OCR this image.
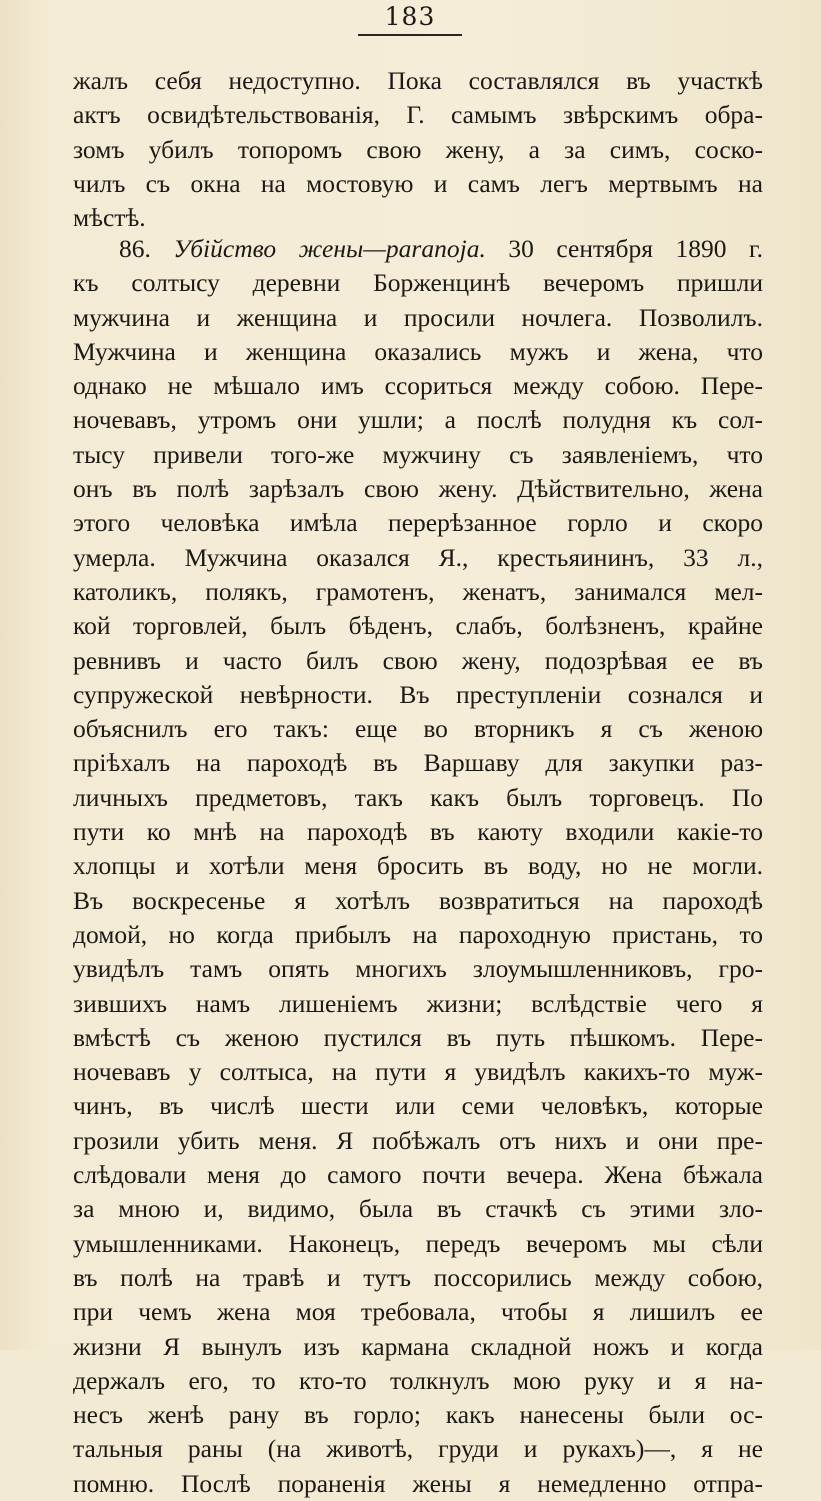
183
жалъ себя недоступно. Пока составлялся въ участкѣ
актъ освидѣтельствованія, Г. самымъ звѣрскимъ обра-
зомъ убилъ топоромъ свою жену, а за симъ, соско-
чилъ съ окна на мостовую и самъ легъ мертвымъ на
мѣстѣ.
86. Убійство жены—paranoja. 30 сентября 1890 г.
къ солтысу деревни Борженцинѣ вечеромъ пришли
мужчина и женщина и просили ночлега. Позволилъ.
Мужчина и женщина оказались мужъ и жена, что
однако не мѣшало имъ ссориться между собою. Пере-
ночевавъ, утромъ они ушли; а послѣ полудня къ сол-
тысу привели того-же мужчину съ заявленіемъ, что
онъ въ полѣ зарѣзалъ свою жену. Дѣйствительно, жена
этого человѣка имѣла перерѣзанное горло и скоро
умерла. Мужчина оказался Я., крестьяининъ, 33 л.,
католикъ, полякъ, грамотенъ, женатъ, занимался мел-
кой торговлей, былъ бѣденъ, слабъ, болѣзненъ, крайне
ревнивъ и часто билъ свою жену, подозрѣвая ее въ
супружеской невѣрности. Въ преступленіи сознался и
объяснилъ его такъ: еще во вторникъ я съ женою
пріѣхалъ на пароходѣ въ Варшаву для закупки раз-
личныхъ предметовъ, такъ какъ былъ торговецъ. По
пути ко мнѣ на пароходѣ въ каюту входили какіе-то
хлопцы и хотѣли меня бросить въ воду, но не могли.
Въ воскресенье я хотѣлъ возвратиться на пароходѣ
домой, но когда прибылъ на пароходную пристань, то
увидѣлъ тамъ опять многихъ злоумышленниковъ, гро-
зившихъ намъ лишеніемъ жизни; вслѣдствіе чего я
вмѣстѣ съ женою пустился въ путь пѣшкомъ. Пере-
ночевавъ у солтыса, на пути я увидѣлъ какихъ-то муж-
чинъ, въ числѣ шести или семи человѣкъ, которые
грозили убить меня. Я побѣжалъ отъ нихъ и они пре-
слѣдовали меня до самого почти вечера. Жена бѣжала
за мною и, видимо, была въ стачкѣ съ этими зло-
умышленниками. Наконецъ, передъ вечеромъ мы сѣли
въ полѣ на травѣ и тутъ поссорились между собою,
при чемъ жена моя требовала, чтобы я лишилъ ее
жизни Я вынулъ изъ кармана складной ножъ и когда
держалъ его, то кто-то толкнулъ мою руку и я на-
несъ женѣ рану въ горло; какъ нанесены были ос-
тальныя раны (на животѣ, груди и рукахъ)—, я не
помню. Послѣ пораненія жены я немедленно отпра-
